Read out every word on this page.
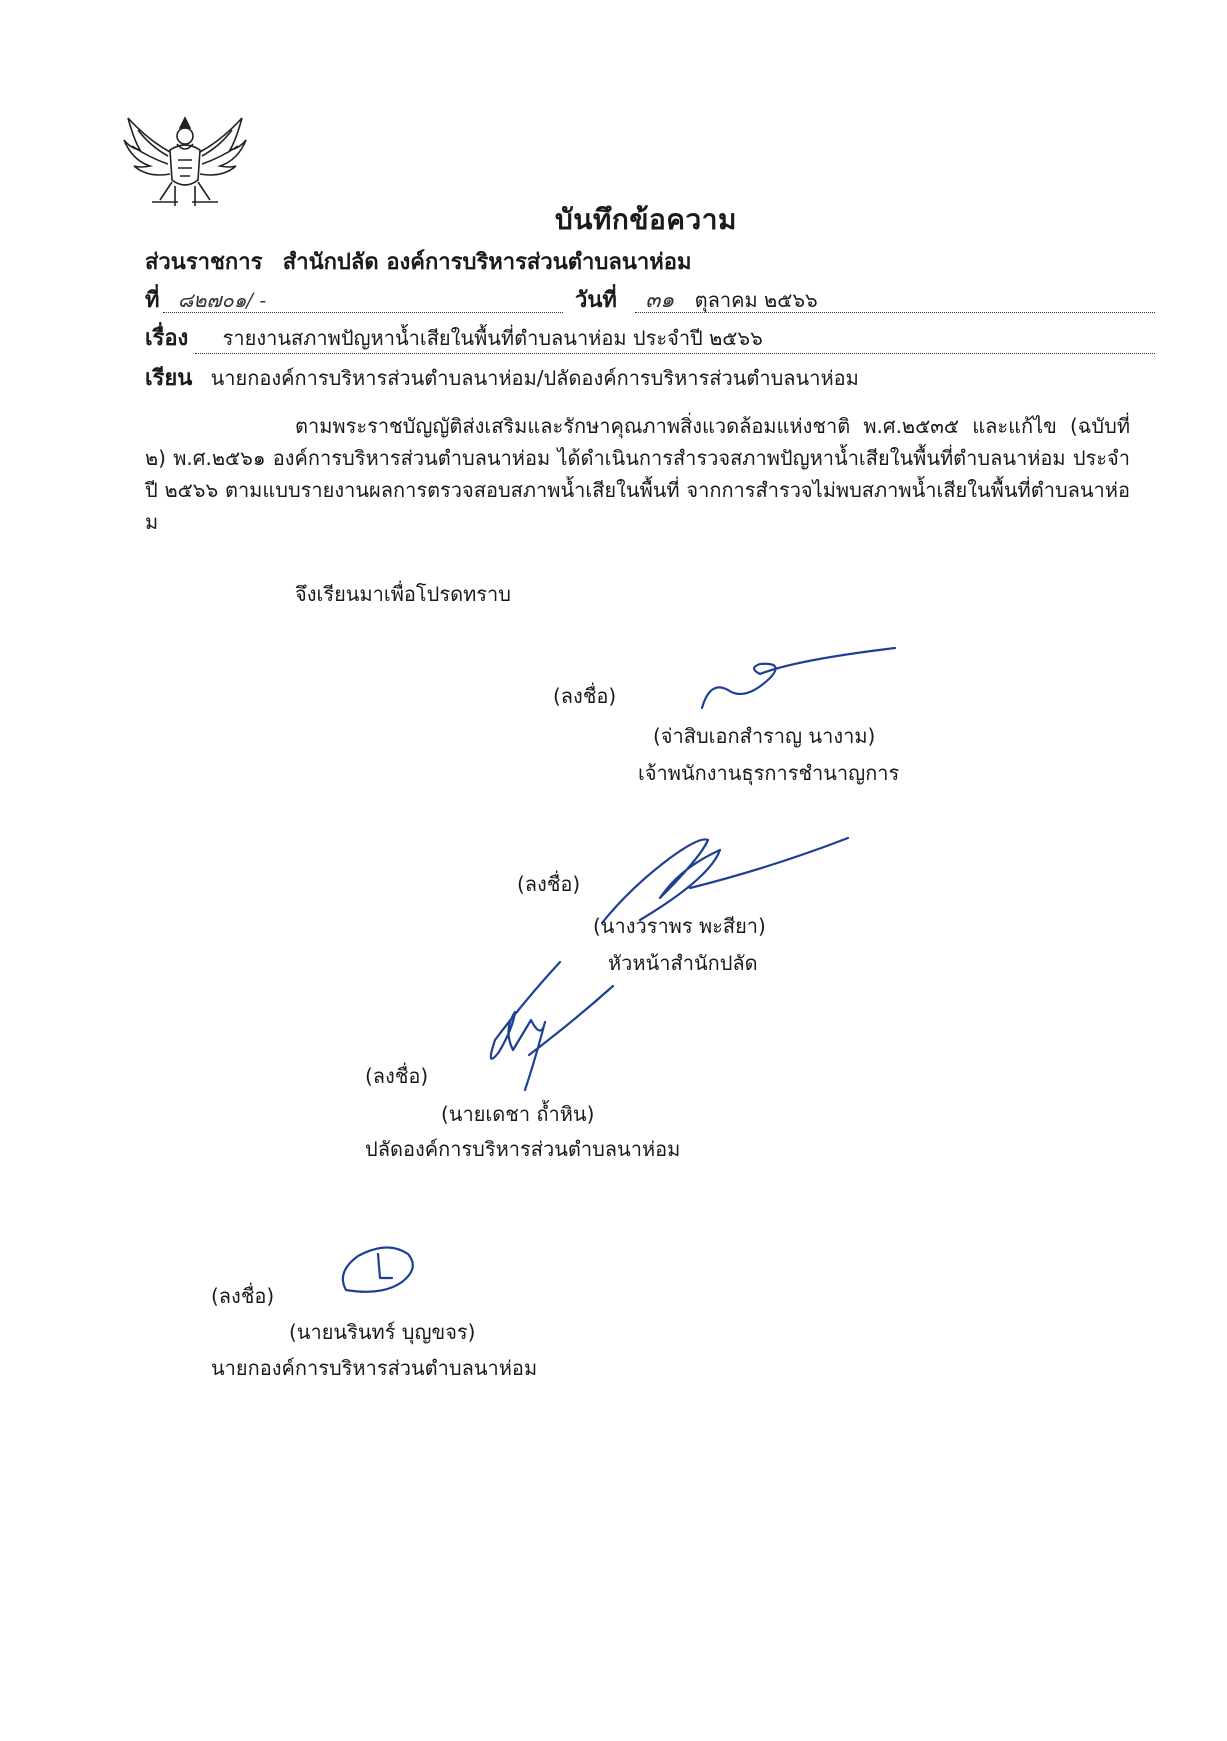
บันทึกข้อความ
ส่วนราชการ สำนักปลัด องค์การบริหารส่วนตำบลนาห่อม
ที่ ๘๒๗๐๑/ -	วันที่ ๓๑ ตุลาคม ๒๕๖๖
เรื่อง รายงานสภาพปัญหาน้ำเสียในพื้นที่ตำบลนาห่อม ประจำปี ๒๕๖๖
เรียน นายกองค์การบริหารส่วนตำบลนาห่อม/ปลัดองค์การบริหารส่วนตำบลนาห่อม

ตามพระราชบัญญัติส่งเสริมและรักษาคุณภาพสิ่งแวดล้อมแห่งชาติ พ.ศ.๒๕๓๕ และแก้ไข (ฉบับที่ ๒) พ.ศ.๒๕๖๑ องค์การบริหารส่วนตำบลนาห่อม ได้ดำเนินการสำรวจสภาพปัญหาน้ำเสียในพื้นที่ตำบลนาห่อม ประจำปี ๒๕๖๖ ตามแบบรายงานผลการตรวจสอบสภาพน้ำเสียในพื้นที่ จากการสำรวจไม่พบสภาพน้ำเสียในพื้นที่ตำบลนาห่อม

จึงเรียนมาเพื่อโปรดทราบ
(ลงชื่อ)
(จ่าสิบเอกสำราญ นางาม)
เจ้าพนักงานธุรการชำนาญการ
(ลงชื่อ)
(นางวราพร พะสียา)
หัวหน้าสำนักปลัด
(ลงชื่อ)
(นายเดชา ถ้ำหิน)
ปลัดองค์การบริหารส่วนตำบลนาห่อม
(ลงชื่อ)
(นายนรินทร์ บุญขจร)
นายกองค์การบริหารส่วนตำบลนาห่อม
